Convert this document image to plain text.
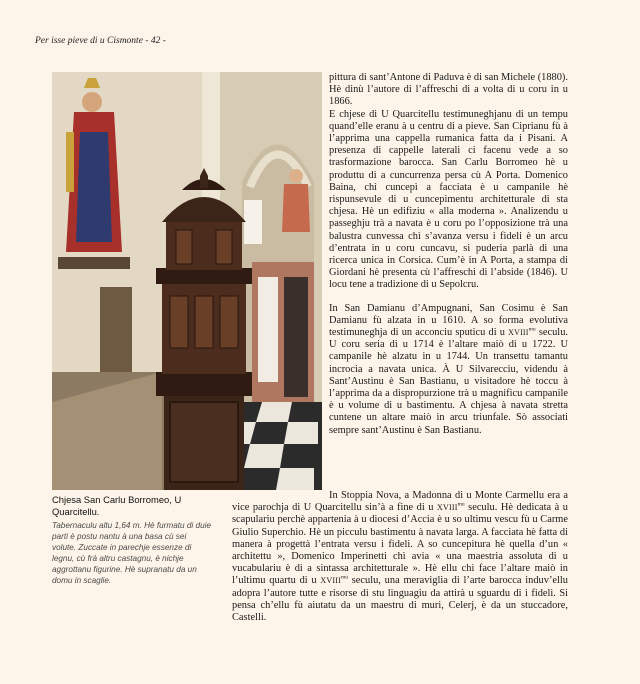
Per isse pieve di u Cismonte - 42 -

Chjesa San Carlu Borromeo, U Quarcitellu.

Tabernaculu altu 1,64 m. Hè furmatu di duie parti è postu nantu à una basa cù sei volute. Zuccate in parechje essenze di legnu, cù frà altru castagnu, è nichje aggrottanu figurine. Hè supranatu da un domu in scaglie.

pittura di sant’Antone di Paduva è di san Michele (1880). Hè dinù l’autore di l’affreschi di a volta di u coru in u 1866.

E chjese di U Quarcitellu testimuneghjanu di un tempu quand’elle eranu à u centru di a pieve. San Ciprianu fù à l’apprima una cappella rumanica fatta da i Pisani. A presenza di cappelle laterali ci facenu vede a so trasformazione barocca. San Carlu Borromeo hè u produttu di a cuncurrenza persa cù A Porta. Domenico Baina, chì cuncepì a facciata è u campanile hè rispunsevule di u cuncepimentu architetturale di sta chjesa. Hè un edifiziu « alla moderna ». Analizendu u passeghju trà a navata è u coru po l’opposizione trà una balustra cunvessa chì s’avanza versu i fideli è un arcu d’entrata in u coru cuncavu, si puderia parlà di una ricerca unica in Corsica. Cum’è in A Porta, a stampa di Giordani hè presenta cù l’affreschi di l’abside (1846). U locu tene a tradizione di u Sepolcru.

In San Damianu d’Ampugnani, San Cosimu è San Damianu fù alzata in u 1610. A so forma evolutiva testimuneghja di un acconciu sputicu di u $XVIII^{mu}$ seculu. U coru seria di u 1714 è l’altare maiò di u 1722. U campanile hè alzatu in u 1744. Un transettu tamantu incrocia a navata unica. À U Silvarecciu, videndu à Sant’Austinu è San Bastianu, u visitadore hè toccu à l’apprima da a dispropurzione trà u magnificu campanile è u volume di u bastimentu. A chjesa à navata stretta cuntene un altare maiò in arcu triunfale. Sò associati sempre sant’Austinu è San Bastianu.

In Stoppia Nova, a Madonna di u Monte Carmellu era a vice parochja di U Quarcitellu sin’à a fine di u $XVIII^{mu}$ seculu. Hè dedicata à u scapulariu perchè appartenia à u diocesi d’Accia è u so ultimu vescu fù u Carme Giulio Superchio. Hè un picculu bastimentu à navata larga. A facciata hè fatta di manera à progettà l’entrata versu i fideli. A so cuncepitura hè quella d’un « architettu », Domenico Imperinetti chì avia « una maestria assoluta di u vucabulariu è di a sintassa architetturale ». Hè ellu chì face l’altare maiò in l’ultimu quartu di u $XVIII^{mu}$ seculu, una meraviglia di l’arte barocca induv’ellu adopra l’autore tutte e risorse di stu linguagiu da attirà u sguardu di i fideli. Si pensa ch’ellu fù aiutatu da un maestru di muri, Celerj, è da un stuccadore, Castelli.
